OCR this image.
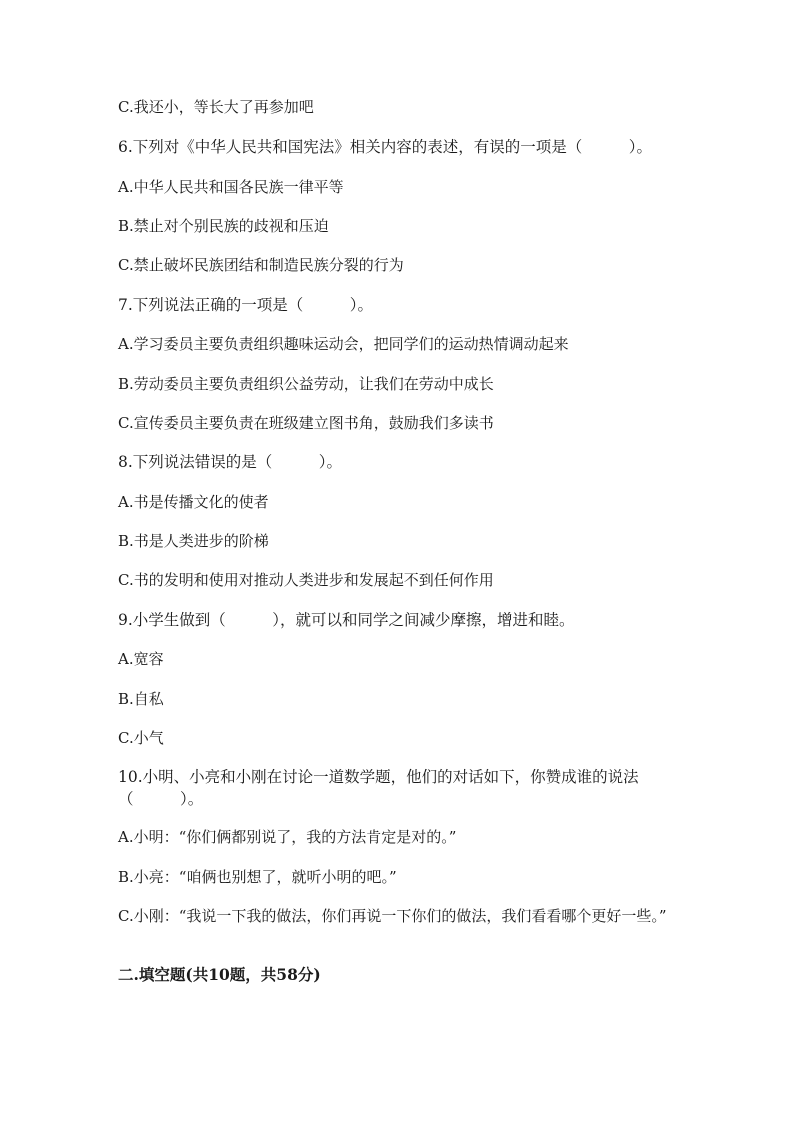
C.我还小，等长大了再参加吧
6.下列对《中华人民共和国宪法》相关内容的表述，有误的一项是（　　　）。
A.中华人民共和国各民族一律平等
B.禁止对个别民族的歧视和压迫
C.禁止破坏民族团结和制造民族分裂的行为
7.下列说法正确的一项是（　　　）。
A.学习委员主要负责组织趣味运动会，把同学们的运动热情调动起来
B.劳动委员主要负责组织公益劳动，让我们在劳动中成长
C.宣传委员主要负责在班级建立图书角，鼓励我们多读书
8.下列说法错误的是（　　　）。
A.书是传播文化的使者
B.书是人类进步的阶梯
C.书的发明和使用对推动人类进步和发展起不到任何作用
9.小学生做到（　　　），就可以和同学之间减少摩擦，增进和睦。
A.宽容
B.自私
C.小气
10.小明、小亮和小刚在讨论一道数学题，他们的对话如下，你赞成谁的说法（　　　）。
A.小明：“你们俩都别说了，我的方法肯定是对的。”
B.小亮：“咱俩也别想了，就听小明的吧。”
C.小刚：“我说一下我的做法，你们再说一下你们的做法，我们看看哪个更好一些。”
二.填空题(共10题，共58分)
